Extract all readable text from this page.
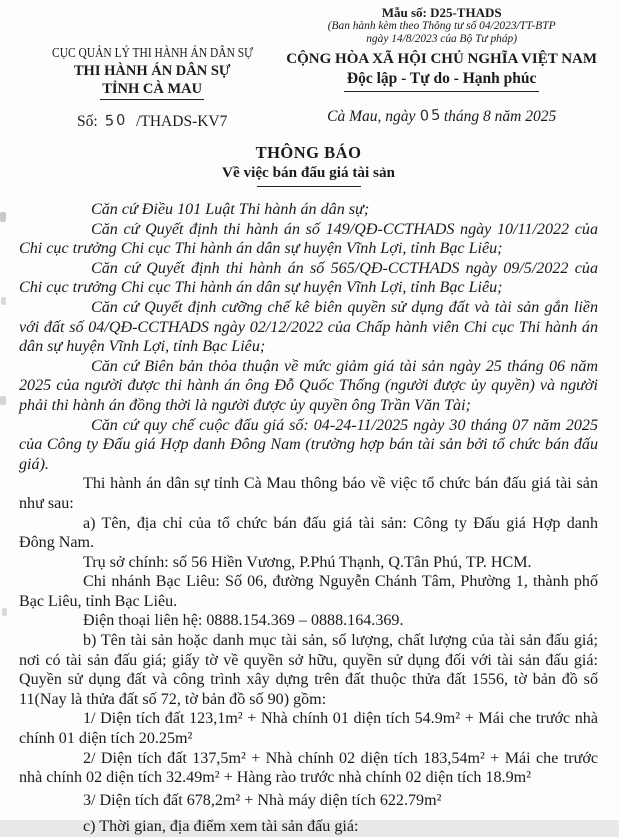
CỤC QUẢN LÝ THI HÀNH ÁN DÂN SỰ
THI HÀNH ÁN DÂN SỰ
TỈNH CÀ MAU
Số: 50 /THADS-KV7
Mẫu số: D25-THADS
(Ban hành kèm theo Thông tư số 04/2023/TT-BTP
ngày 14/8/2023 của Bộ Tư pháp)
CỘNG HÒA XÃ HỘI CHỦ NGHĨA VIỆT NAM
Độc lập - Tự do - Hạnh phúc
Cà Mau, ngày 05tháng 8 năm 2025
THÔNG BÁO
Về việc bán đấu giá tài sản

Căn cứ Điều 101 Luật Thi hành án dân sự;

Căn cứ Quyết định thi hành án số 149/QĐ-CCTHADS ngày 10/11/2022 của Chi cục trưởng Chi cục Thi hành án dân sự huyện Vĩnh Lợi, tỉnh Bạc Liêu;

Căn cứ Quyết định thi hành án số 565/QĐ-CCTHADS ngày 09/5/2022 của Chi cục trưởng Chi cục Thi hành án dân sự huyện Vĩnh Lợi, tỉnh Bạc Liêu;

Căn cứ Quyết định cưỡng chế kê biên quyền sử dụng đất và tài sản gắn liền với đất số 04/QĐ-CCTHADS ngày 02/12/2022 của Chấp hành viên Chi cục Thi hành án dân sự huyện Vĩnh Lợi, tỉnh Bạc Liêu;

Căn cứ Biên bản thỏa thuận về mức giảm giá tài sản ngày 25 tháng 06 năm 2025 của người được thi hành án ông Đỗ Quốc Thống (người được ủy quyền) và người phải thi hành án đồng thời là người được ủy quyền ông Trần Văn Tài;

Căn cứ quy chế cuộc đấu giá số: 04-24-11/2025 ngày 30 tháng 07 năm 2025 của Công ty Đấu giá Hợp danh Đông Nam (trường hợp bán tài sản bởi tổ chức bán đấu giá).

Thi hành án dân sự tỉnh Cà Mau thông báo về việc tổ chức bán đấu giá tài sản như sau:

a) Tên, địa chỉ của tổ chức bán đấu giá tài sản: Công ty Đấu giá Hợp danh Đông Nam.

Trụ sở chính: số 56 Hiền Vương, P.Phú Thạnh, Q.Tân Phú, TP. HCM.

Chi nhánh Bạc Liêu: Số 06, đường Nguyễn Chánh Tâm, Phường 1, thành phố Bạc Liêu, tỉnh Bạc Liêu.

Điện thoại liên hệ: 0888.154.369 – 0888.164.369.

b) Tên tài sản hoặc danh mục tài sản, số lượng, chất lượng của tài sản đấu giá; nơi có tài sản đấu giá; giấy tờ về quyền sở hữu, quyền sử dụng đối với tài sản đấu giá: Quyền sử dụng đất và công trình xây dựng trên đất thuộc thửa đất 1556, tờ bản đồ số 11(Nay là thửa đất số 72, tờ bản đồ số 90) gồm:

1/ Diện tích đất 123,1m² + Nhà chính 01 diện tích 54.9m² + Mái che trước nhà chính 01 diện tích 20.25m²

2/ Diện tích đất 137,5m² + Nhà chính 02 diện tích 183,54m² + Mái che trước nhà chính 02 diện tích 32.49m² + Hàng rào trước nhà chính 02 diện tích 18.9m²

3/ Diện tích đất 678,2m² + Nhà máy diện tích 622.79m²

c) Thời gian, địa điểm xem tài sản đấu giá:
